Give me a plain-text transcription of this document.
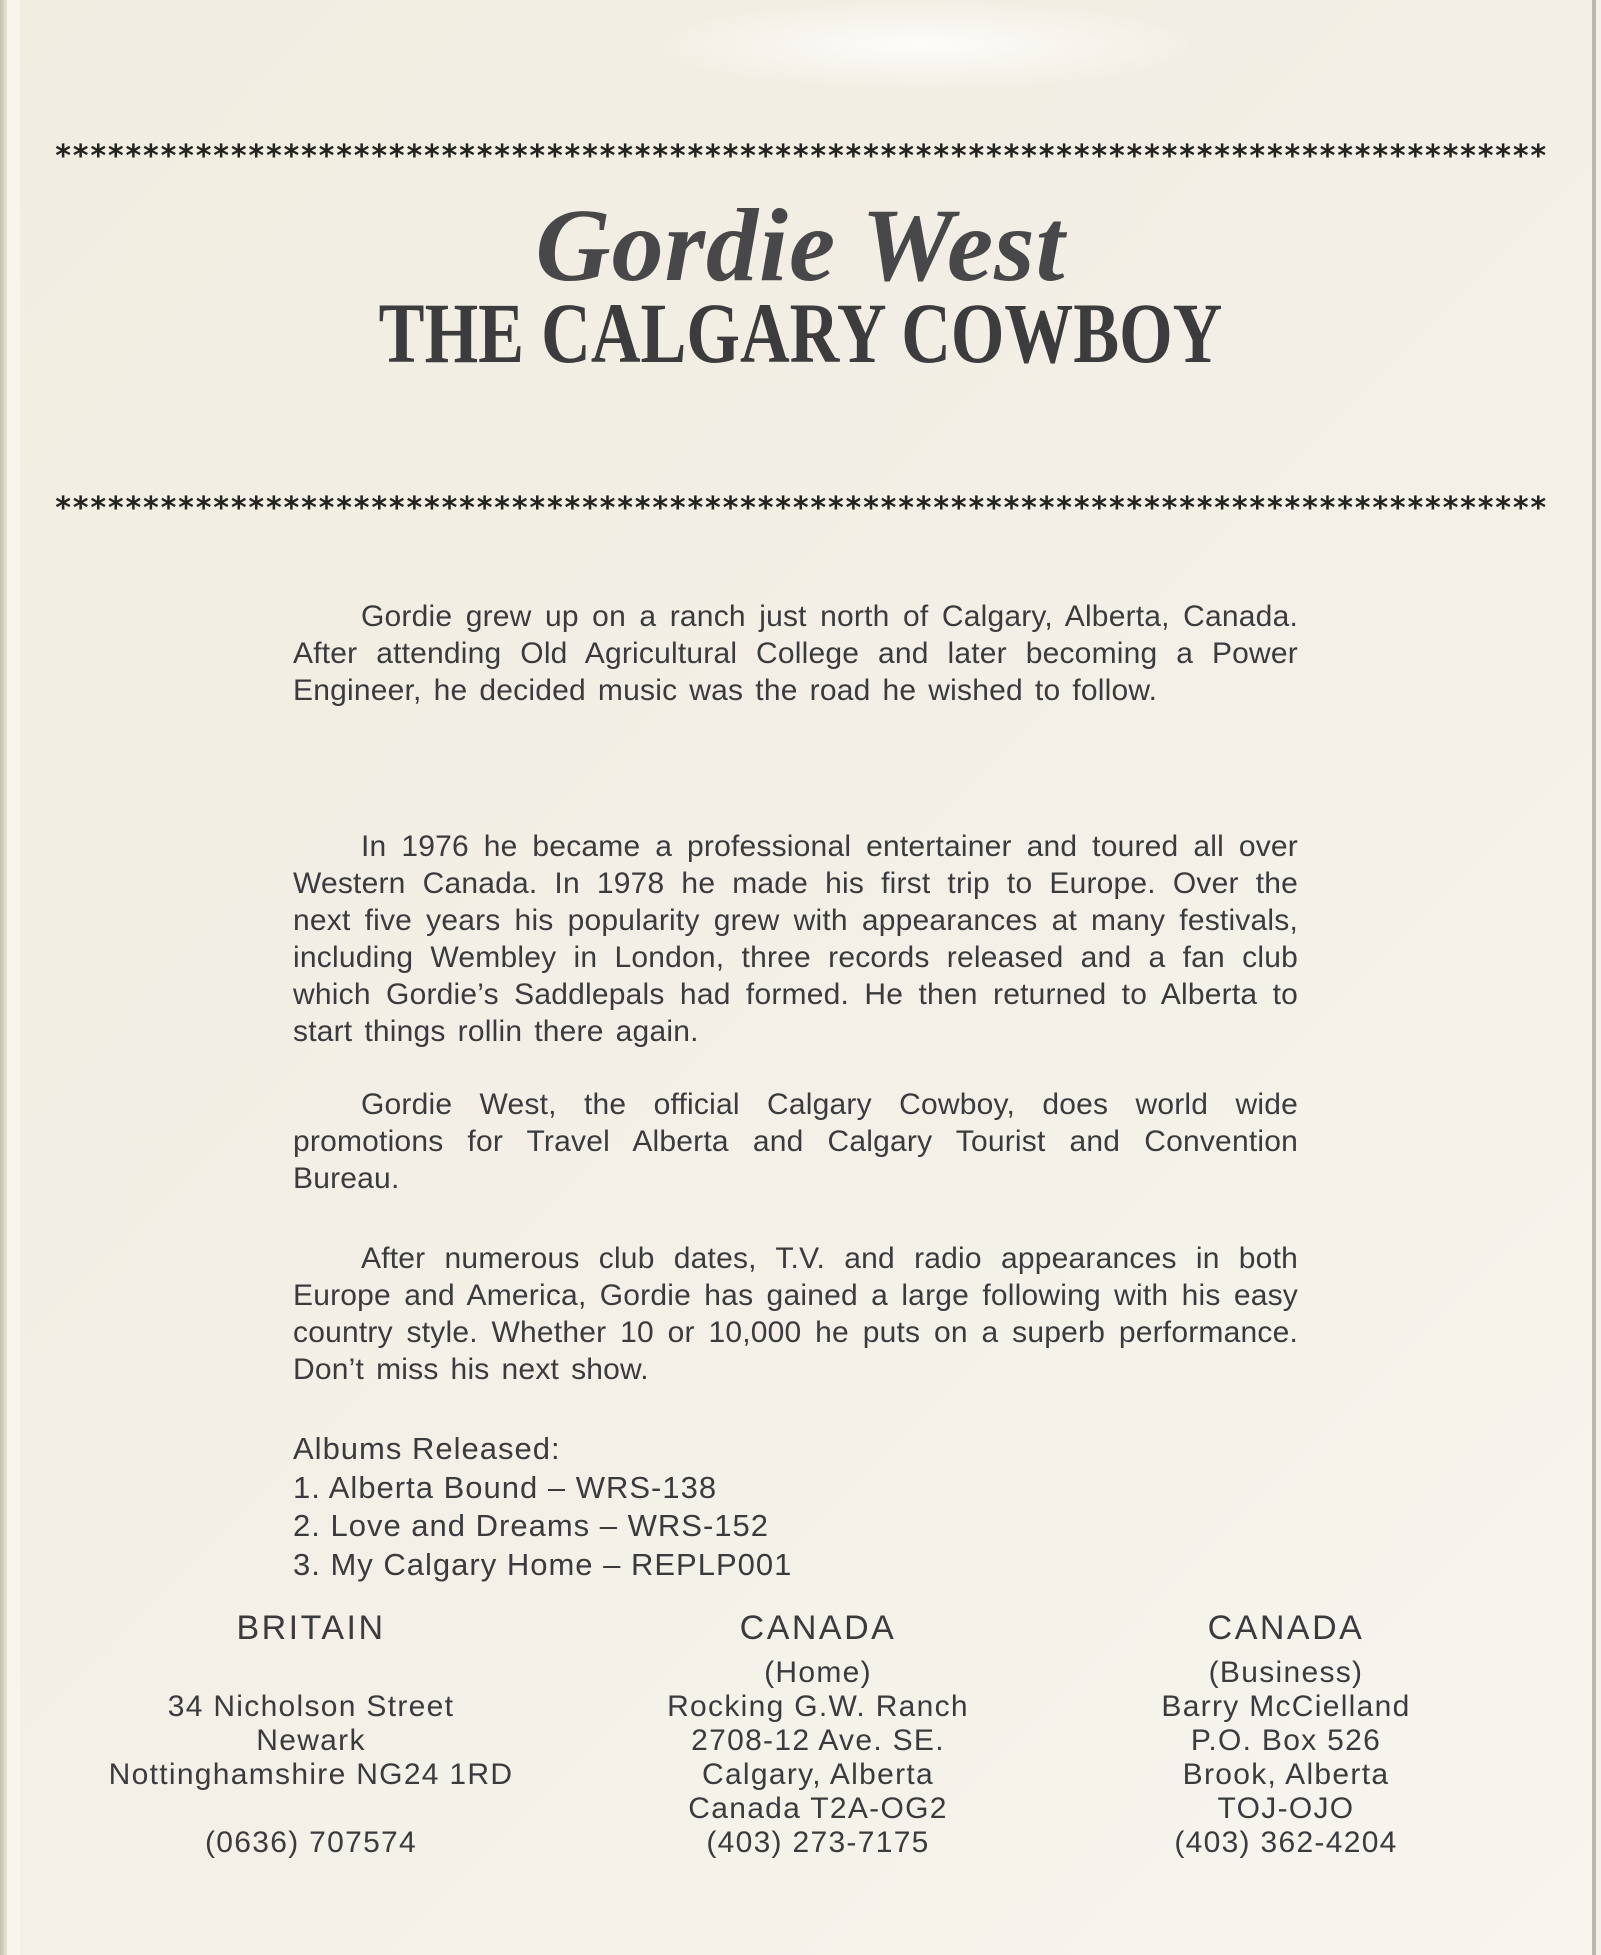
*************************************************************************************
Gordie West
THE CALGARY COWBOY
*************************************************************************************

Gordie grew up on a ranch just north of Calgary, Alberta, Canada. After attending Old Agricultural College and later becoming a Power Engineer, he decided music was the road he wished to follow.

In 1976 he became a professional entertainer and toured all over Western Canada. In 1978 he made his first trip to Europe. Over the next five years his popularity grew with appearances at many festivals, including Wembley in London, three records released and a fan club which Gordie’s Saddlepals had formed. He then returned to Alberta to start things rollin there again.

Gordie West, the official Calgary Cowboy, does world wide promotions for Travel Alberta and Calgary Tourist and Convention Bureau.

After numerous club dates, T.V. and radio appearances in both Europe and America, Gordie has gained a large following with his easy country style. Whether 10 or 10,000 he puts on a superb performance. Don’t miss his next show.

Albums Released:
1. Alberta Bound – WRS-138
2. Love and Dreams – WRS-152
3. My Calgary Home – REPLP001
BRITAIN
34 Nicholson Street
Newark
Nottinghamshire NG24 1RD
(0636) 707574
CANADA
(Home)
Rocking G.W. Ranch
2708-12 Ave. SE.
Calgary, Alberta
Canada T2A-OG2
(403) 273-7175
CANADA
(Business)
Barry McCielland
P.O. Box 526
Brook, Alberta
TOJ-OJO
(403) 362-4204
